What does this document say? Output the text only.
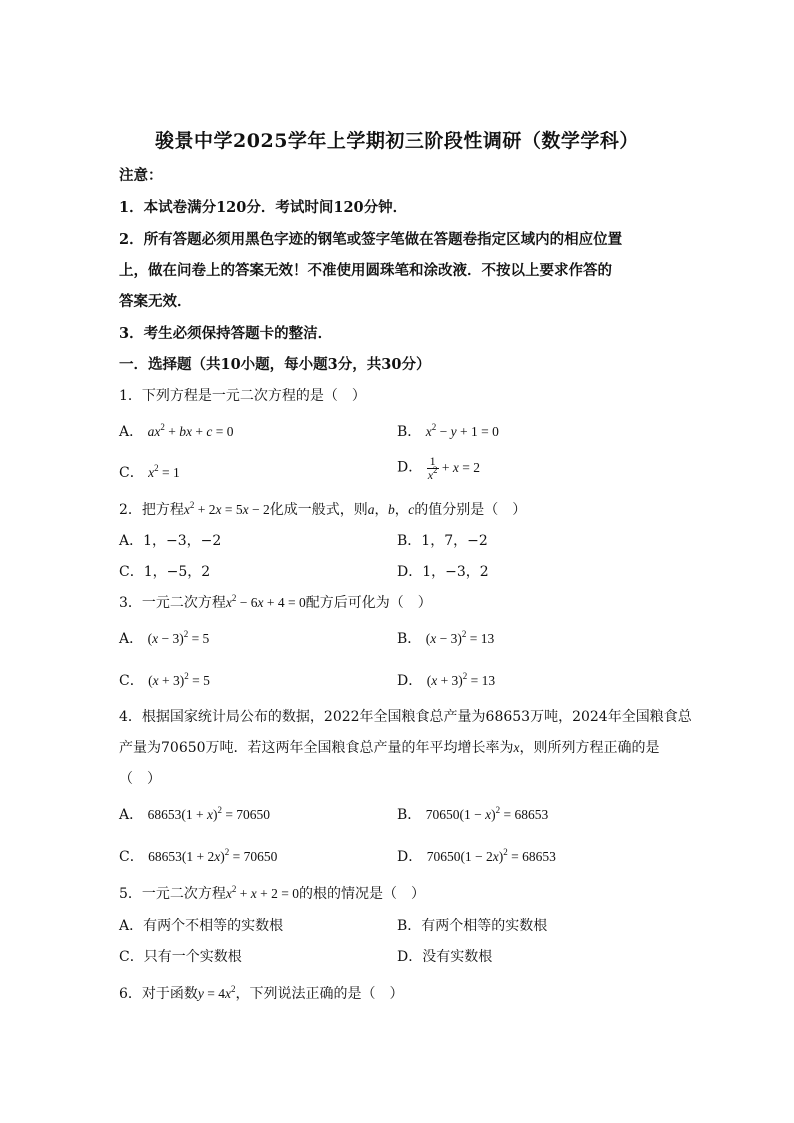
骏景中学2025学年上学期初三阶段性调研（数学学科）
注意：
1．本试卷满分120分．考试时间120分钟．
2．所有答题必须用黑色字迹的钢笔或签字笔做在答题卷指定区域内的相应位置
上，做在问卷上的答案无效！不准使用圆珠笔和涂改液．不按以上要求作答的
答案无效．
3．考生必须保持答题卡的整洁．
一．选择题（共10小题，每小题3分，共30分）
1．下列方程是一元二次方程的是（　）
A． $ax^2$ + bx + c = 0	B． $x^2 - y + 1 = 0$
C． $x^2 = 1$	D． $\frac{1}{x^2} + x = 2$
2．把方程$x^2 + 2x = 5x - 2$化成一般式，则a，b，c的值分别是（　）
A．1，−3，−2	B．1，7，−2
C．1，−5，2	D．1，−3，2
3．一元二次方程$x^2 - 6x + 4 = 0$配方后可化为（　）
A． $(x - 3)^2 = 5$	B． $(x - 3)^2 = 13$
C． $(x + 3)^2 = 5$	D． $(x + 3)^2 = 13$
4．根据国家统计局公布的数据，2022年全国粮食总产量为68653万吨，2024年全国粮食总
产量为70650万吨．若这两年全国粮食总产量的年平均增长率为x，则所列方程正确的是
（　）
A． $68653(1 + x)^2 = 70650$	B． $70650(1 - x)^2 = 68653$
C． $68653(1 + 2x)^2 = 70650$	D． $70650(1 - 2x)^2 = 68653$
5．一元二次方程$x^2 + x + 2 = 0$的根的情况是（　）
A．有两个不相等的实数根	B．有两个相等的实数根
C．只有一个实数根	D．没有实数根
6．对于函数$y = 4x^2$，下列说法正确的是（　）
